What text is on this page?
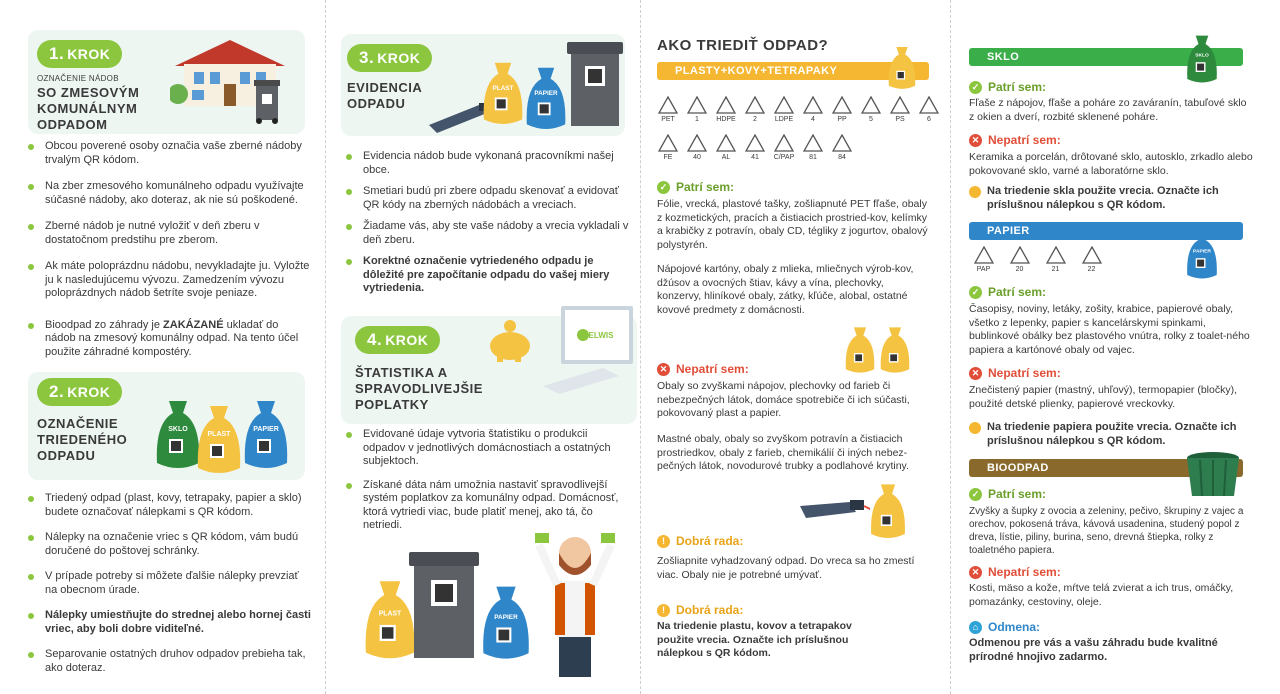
1. KROK
OZNAČENIE NÁDOB
SO ZMESOVÝM KOMUNÁLNYM ODPADOM
Obcou poverené osoby označia vaše zberné nádoby trvalým QR kódom.
Na zber zmesového komunálneho odpadu využívajte súčasné nádoby, ako doteraz, ak nie sú poškodené.
Zberné nádob je nutné vyložiť v deň zberu v dostatočnom predstihu pre zberom.
Ak máte poloprázdnu nádobu, nevykladajte ju. Vyložte ju k nasledujúcemu vývozu. Zamedzením vývozu poloprázdnych nádob šetríte svoje peniaze.
Bioodpad zo záhrady je ZAKÁZANÉ ukladať do nádob na zmesový komunálny odpad. Na tento účel použite záhradné kompostéry.
2. KROK
OZNAČENIE TRIEDENÉHO ODPADU
SKLO
PLAST
PAPIER
Triedený odpad (plast, kovy, tetrapaky, papier a sklo) budete označovať nálepkami s QR kódom.
Nálepky na označenie vriec s QR kódom, vám budú doručené do poštovej schránky.
V prípade potreby si môžete ďalšie nálepky prevziať na obecnom úrade.
Nálepky umiestňujte do strednej alebo hornej časti vriec, aby boli dobre viditeľné.
Separovanie ostatných druhov odpadov prebieha tak, ako doteraz.
3. KROK
EVIDENCIA ODPADU
PLAST
PAPIER
Evidencia nádob bude vykonaná pracovníkmi našej obce.
Smetiari budú pri zbere odpadu skenovať a evidovať QR kódy na zberných nádobách a vreciach.
Žiadame vás, aby ste vaše nádoby a vrecia vykladali v deň zberu.
Korektné označenie vytriedeného odpadu je dôležité pre započítanie odpadu do vašej miery vytriedenia.
4. KROK
ŠTATISTIKA A SPRAVODLIVEJŠIE POPLATKY
ELWIS
Evidované údaje vytvoria štatistiku o produkcii odpadov v jednotlivých domácnostiach a ostatných subjektoch.
Získané dáta nám umožnia nastaviť spravodlivejší systém poplatkov za komunálny odpad. Domácnosť, ktorá vytriedi viac, bude platiť menej, ako tá, čo netriedi.
PLAST	PAPIER
AKO TRIEDIŤ ODPAD?
PLASTY+KOVY+TETRAPAKY
PET	1	HDPE	2	LDPE	4	PP	5	PS	6
FE	40	AL	41	C/PAP	81	84
✓ Patrí sem:
Fólie, vrecká, plastové tašky, zošliapnuté PET fľaše, obaly z kozmetických, pracích a čistiacich prostried-kov, kelímky a krabičky z potravín, obaly CD, tégliky z jogurtov, obalový polystyrén.
Nápojové kartóny, obaly z mlieka, mliečnych výrob-kov, džúsov a ovocných štiav, kávy a vína, plechovky, konzervy, hliníkové obaly, zátky, kľúče, alobal, ostatné kovové predmety z domácnosti.
✕ Nepatrí sem:
Obaly so zvyškami nápojov, plechovky od farieb či nebezpečných látok, domáce spotrebiče či ich súčasti, pokovovaný plast a papier.
Mastné obaly, obaly so zvyškom potravín a čistiacich prostriedkov, obaly z farieb, chemikálií či iných nebez-pečných látok, novodurové trubky a podlahové krytiny.
! Dobrá rada:
Zošliapnite vyhadzovaný odpad. Do vreca sa ho zmestí viac. Obaly nie je potrebné umývať.
! Dobrá rada:
Na triedenie plastu, kovov a tetrapakov použite vrecia. Označte ich príslušnou nálepkou s QR kódom.
SKLO	SKLO
✓ Patrí sem:
Fľaše z nápojov, fľaše a poháre zo zaváranín, tabuľové sklo z okien a dverí, rozbité sklenené poháre.
✕ Nepatrí sem:
Keramika a porcelán, drôtované sklo, autosklo, zrkadlo alebo pokovované sklo, varné a laboratórne sklo.
Na triedenie skla použite vrecia. Označte ich príslušnou nálepkou s QR kódom.
PAPIER
PAPIER
PAP	20	21	22
✓ Patrí sem:
Časopisy, noviny, letáky, zošity, krabice, papierové obaly, všetko z lepenky, papier s kancelárskymi spinkami, bublinkové obálky bez plastového vnútra, rolky z toalet-ného papiera a kartónové obaly od vajec.
✕ Nepatrí sem:
Znečistený papier (mastný, uhľový), termopapier (bločky), použité detské plienky, papierové vreckovky.
Na triedenie papiera použite vrecia. Označte ich príslušnou nálepkou s QR kódom.
BIOODPAD
✓ Patrí sem:
Zvyšky a šupky z ovocia a zeleniny, pečivo, škrupiny z vajec a orechov, pokosená tráva, kávová usadenina, studený popol z dreva, lístie, piliny, burina, seno, drevná štiepka, rolky z toaletného papiera.
✕ Nepatrí sem:
Kosti, mäso a kože, mŕtve telá zvierat a ich trus, omáčky, pomazánky, cestoviny, oleje.
⌂ Odmena:
Odmenou pre vás a vašu záhradu bude kvalitné prírodné hnojivo zadarmo.
